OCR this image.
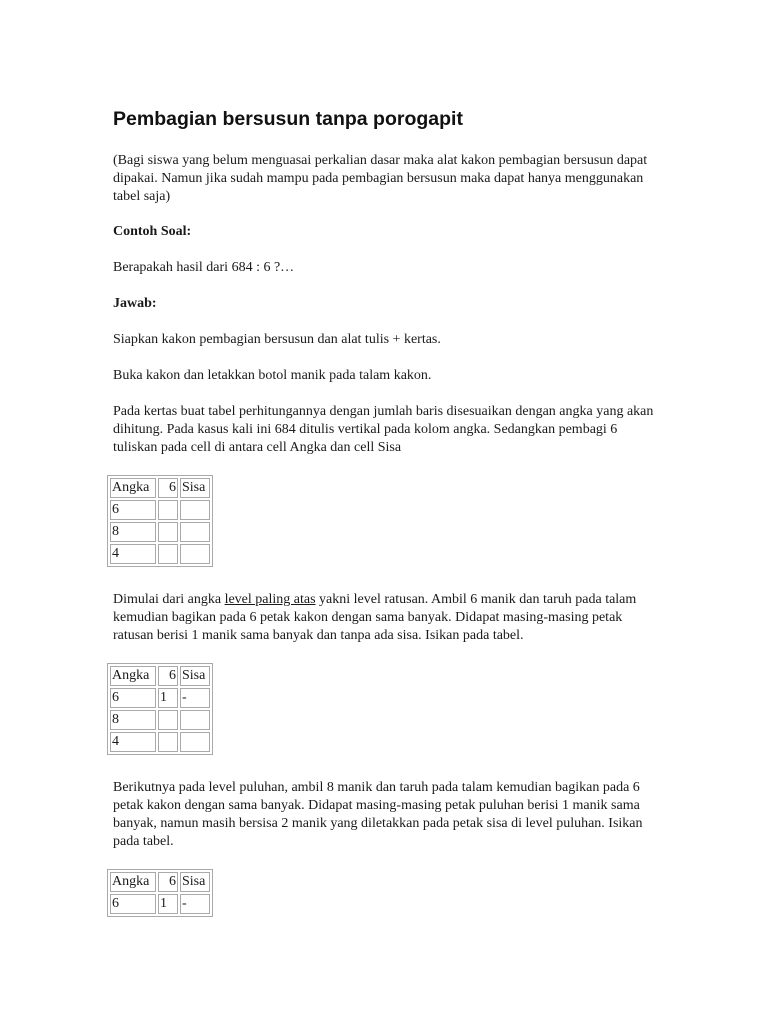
Pembagian bersusun tanpa porogapit

(Bagi siswa yang belum menguasai perkalian dasar maka alat kakon pembagian bersusun dapat dipakai. Namun jika sudah mampu pada pembagian bersusun maka dapat hanya menggunakan tabel saja)

Contoh Soal:

Berapakah hasil dari 684 : 6 ?…

Jawab:

Siapkan kakon pembagian bersusun dan alat tulis + kertas.

Buka kakon dan letakkan botol manik pada talam kakon.

Pada kertas buat tabel perhitungannya dengan jumlah baris disesuaikan dengan angka yang akan dihitung. Pada kasus kali ini 684 ditulis vertikal pada kolom angka. Sedangkan pembagi 6 tuliskan pada cell di antara cell Angka dan cell Sisa

Angka	6	Sisa
6		
8		
4		

Dimulai dari angka level paling atas yakni level ratusan. Ambil 6 manik dan taruh pada talam kemudian bagikan pada 6 petak kakon dengan sama banyak. Didapat masing-masing petak ratusan berisi 1 manik sama banyak dan tanpa ada sisa. Isikan pada tabel.

Angka	6	Sisa
6	1	-
8		
4		

Berikutnya pada level puluhan, ambil 8 manik dan taruh pada talam kemudian bagikan pada 6 petak kakon dengan sama banyak. Didapat masing-masing petak puluhan berisi 1 manik sama banyak, namun masih bersisa 2 manik yang diletakkan pada petak sisa di level puluhan. Isikan pada tabel.

Angka	6	Sisa
6	1	-
